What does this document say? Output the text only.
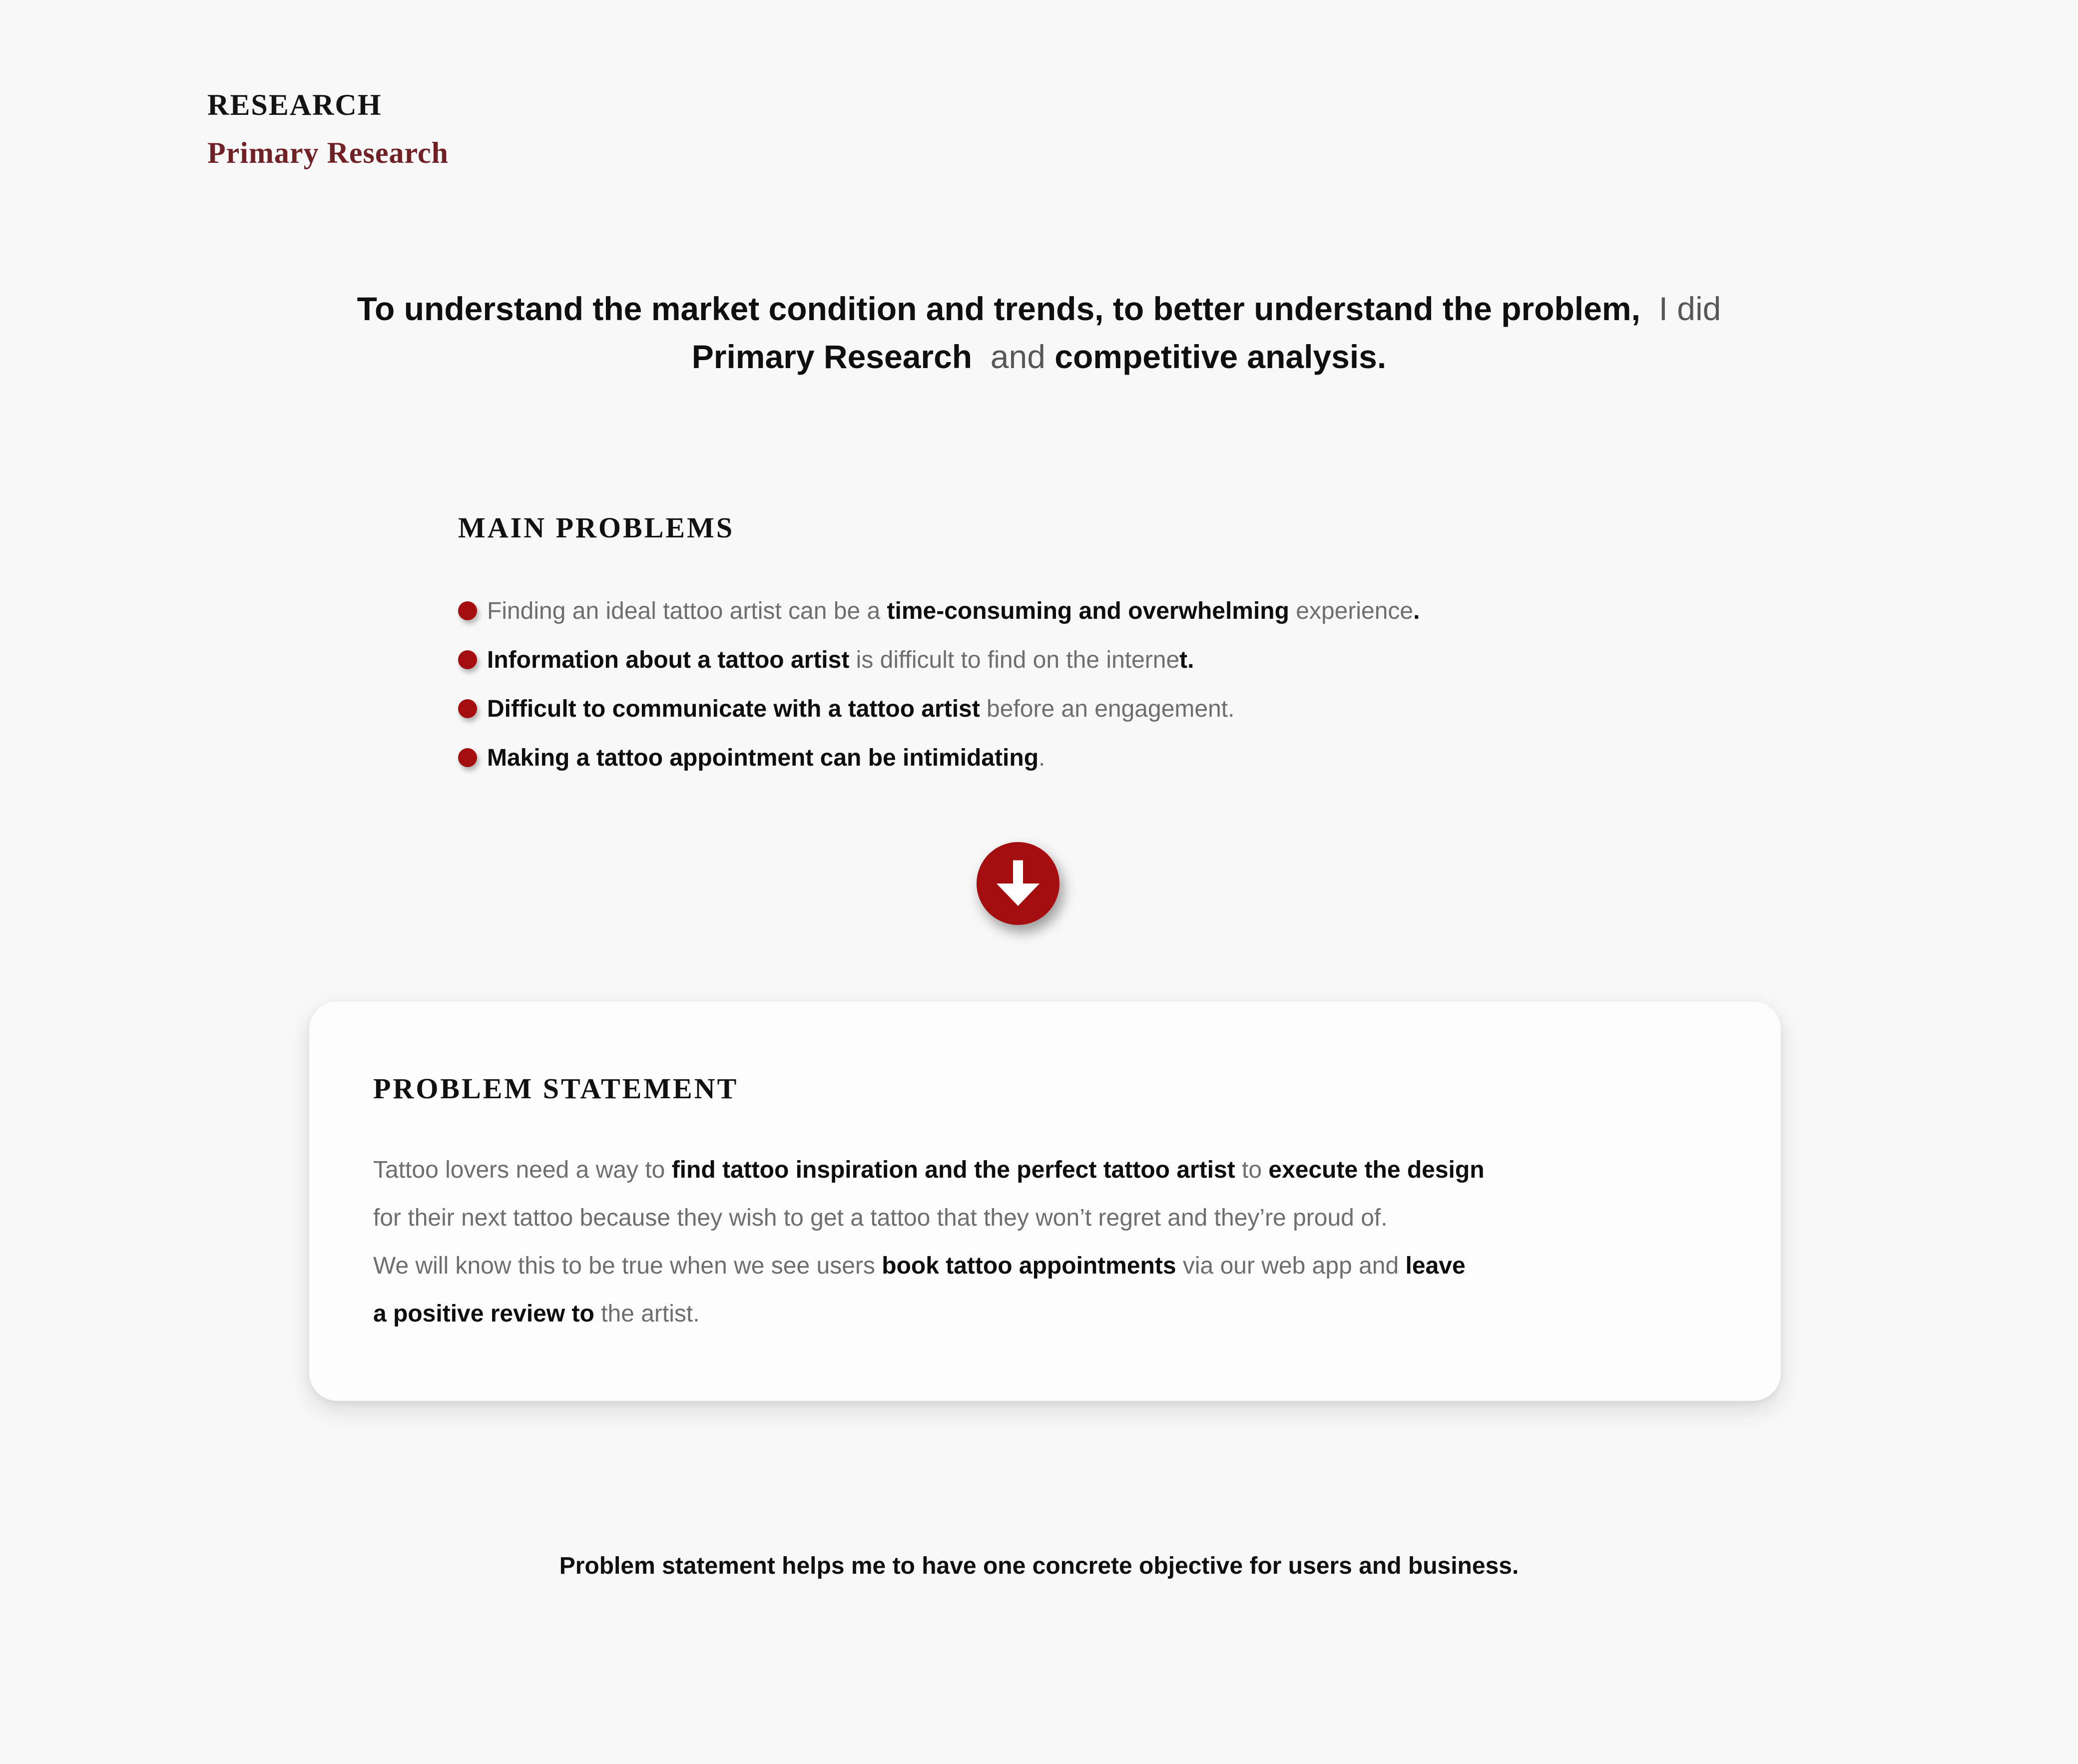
RESEARCH
Primary Research
To understand the market condition and trends, to better understand the problem,  I did
Primary Research  and competitive analysis.
MAIN PROBLEMS
Finding an ideal tattoo artist can be a time-consuming and overwhelming experience.
Information about a tattoo artist is difficult to find on the internet.
Difficult to communicate with a tattoo artist before an engagement.
Making a tattoo appointment can be intimidating.
PROBLEM STATEMENT

Tattoo lovers need a way to find tattoo inspiration and the perfect tattoo artist to execute the design
for their next tattoo because they wish to get a tattoo that they won’t regret and they’re proud of.
We will know this to be true when we see users book tattoo appointments via our web app and leave
a positive review to the artist.

Problem statement helps me to have one concrete objective for users and business.
